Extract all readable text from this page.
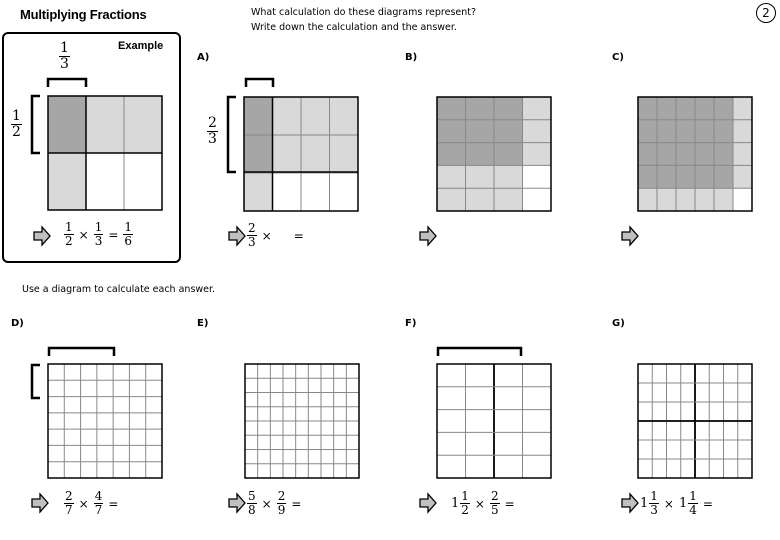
Multiplying Fractions	What calculation do these diagrams represent?
Write down the calculation and the answer.
2
Example
$\frac{1}{3}$
$\frac{1}{2}$
$\frac{1}{2} \times \frac{1}{3} = \frac{1}{6}$
A)	B)	C)
Use a diagram to calculate each answer.
D)	E)	F)	G)
$\frac{2}{3}$
$\frac{2}{3}$ × =
$\frac{2}{7} \times \frac{4}{7}$ =	$\frac{5}{8} \times \frac{2}{9}$ =	$1 \frac{1}{2} \times \frac{2}{5}$ =	$1 \frac{1}{3} \times 1 \frac{1}{4}$ =
